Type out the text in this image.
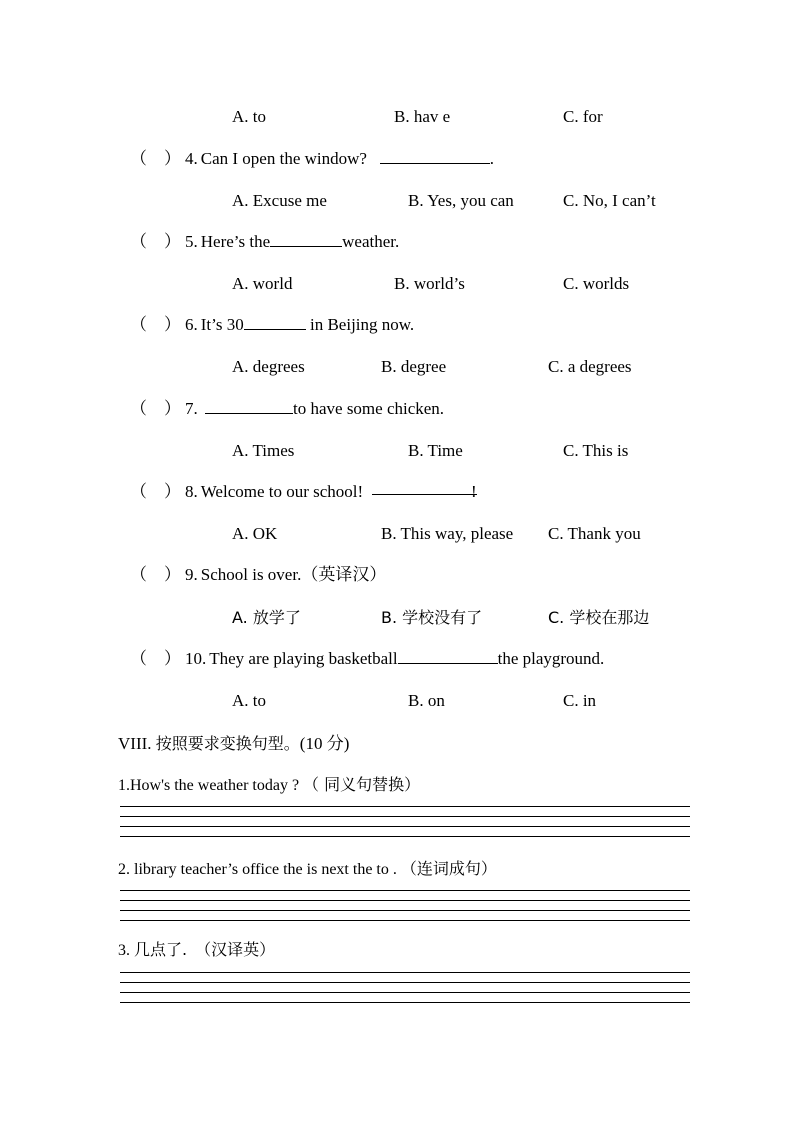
A. to	B. hav e	C. for
（ ） 4. Can I open the window?	.
A. Excuse me	B. Yes, you can	C. No, I can’t
（ ） 5. Here’s the	weather.
A. world	B. world’s	C. worlds
（ ） 6. It’s 30	in Beijing now.
A. degrees	B. degree	C. a degrees
（ ） 7.	to have some chicken.
A. Times	B. Time	C. This is
（ ） 8. Welcome to our school!	!
A. OK	B. This way, please C. Thank you
（ ） 9. School is over.（英译汉）
A. 放学了	B. 学校没有了	C. 学校在那边
（ ） 10. They are playing basketball	the playground.
A. to	B. on	C. in
VIII. 按照要求变换句型。(10 分)
1.How's the weather today ? （ 同义句替换）
2. library teacher’s office the is next the to . （连词成句）
3. 几点了. （汉译英）
